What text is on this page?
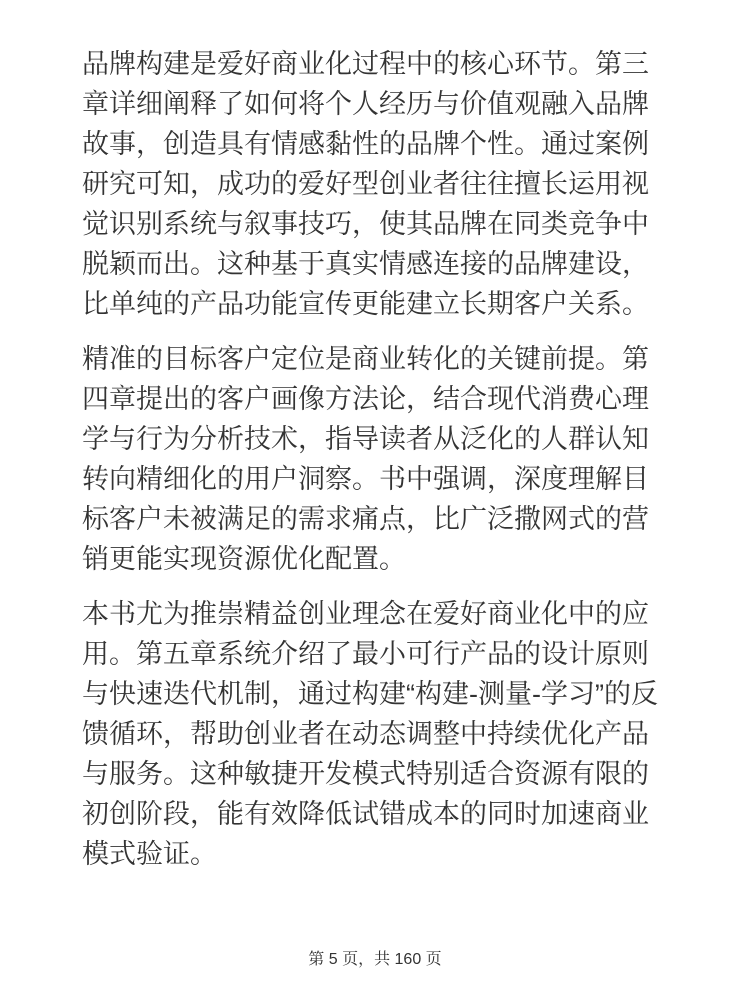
品牌构建是爱好商业化过程中的核心环节。第三章详细阐释了如何将个人经历与价值观融入品牌故事，创造具有情感黏性的品牌个性。通过案例研究可知，成功的爱好型创业者往往擅长运用视觉识别系统与叙事技巧，使其品牌在同类竞争中脱颖而出。这种基于真实情感连接的品牌建设，比单纯的产品功能宣传更能建立长期客户关系。

精准的目标客户定位是商业转化的关键前提。第四章提出的客户画像方法论，结合现代消费心理学与行为分析技术，指导读者从泛化的人群认知转向精细化的用户洞察。书中强调，深度理解目标客户未被满足的需求痛点，比广泛撒网式的营销更能实现资源优化配置。

本书尤为推崇精益创业理念在爱好商业化中的应用。第五章系统介绍了最小可行产品的设计原则与快速迭代机制，通过构建“构建-测量-学习”的反馈循环，帮助创业者在动态调整中持续优化产品与服务。这种敏捷开发模式特别适合资源有限的初创阶段，能有效降低试错成本的同时加速商业模式验证。

第 5 页，共 160 页
